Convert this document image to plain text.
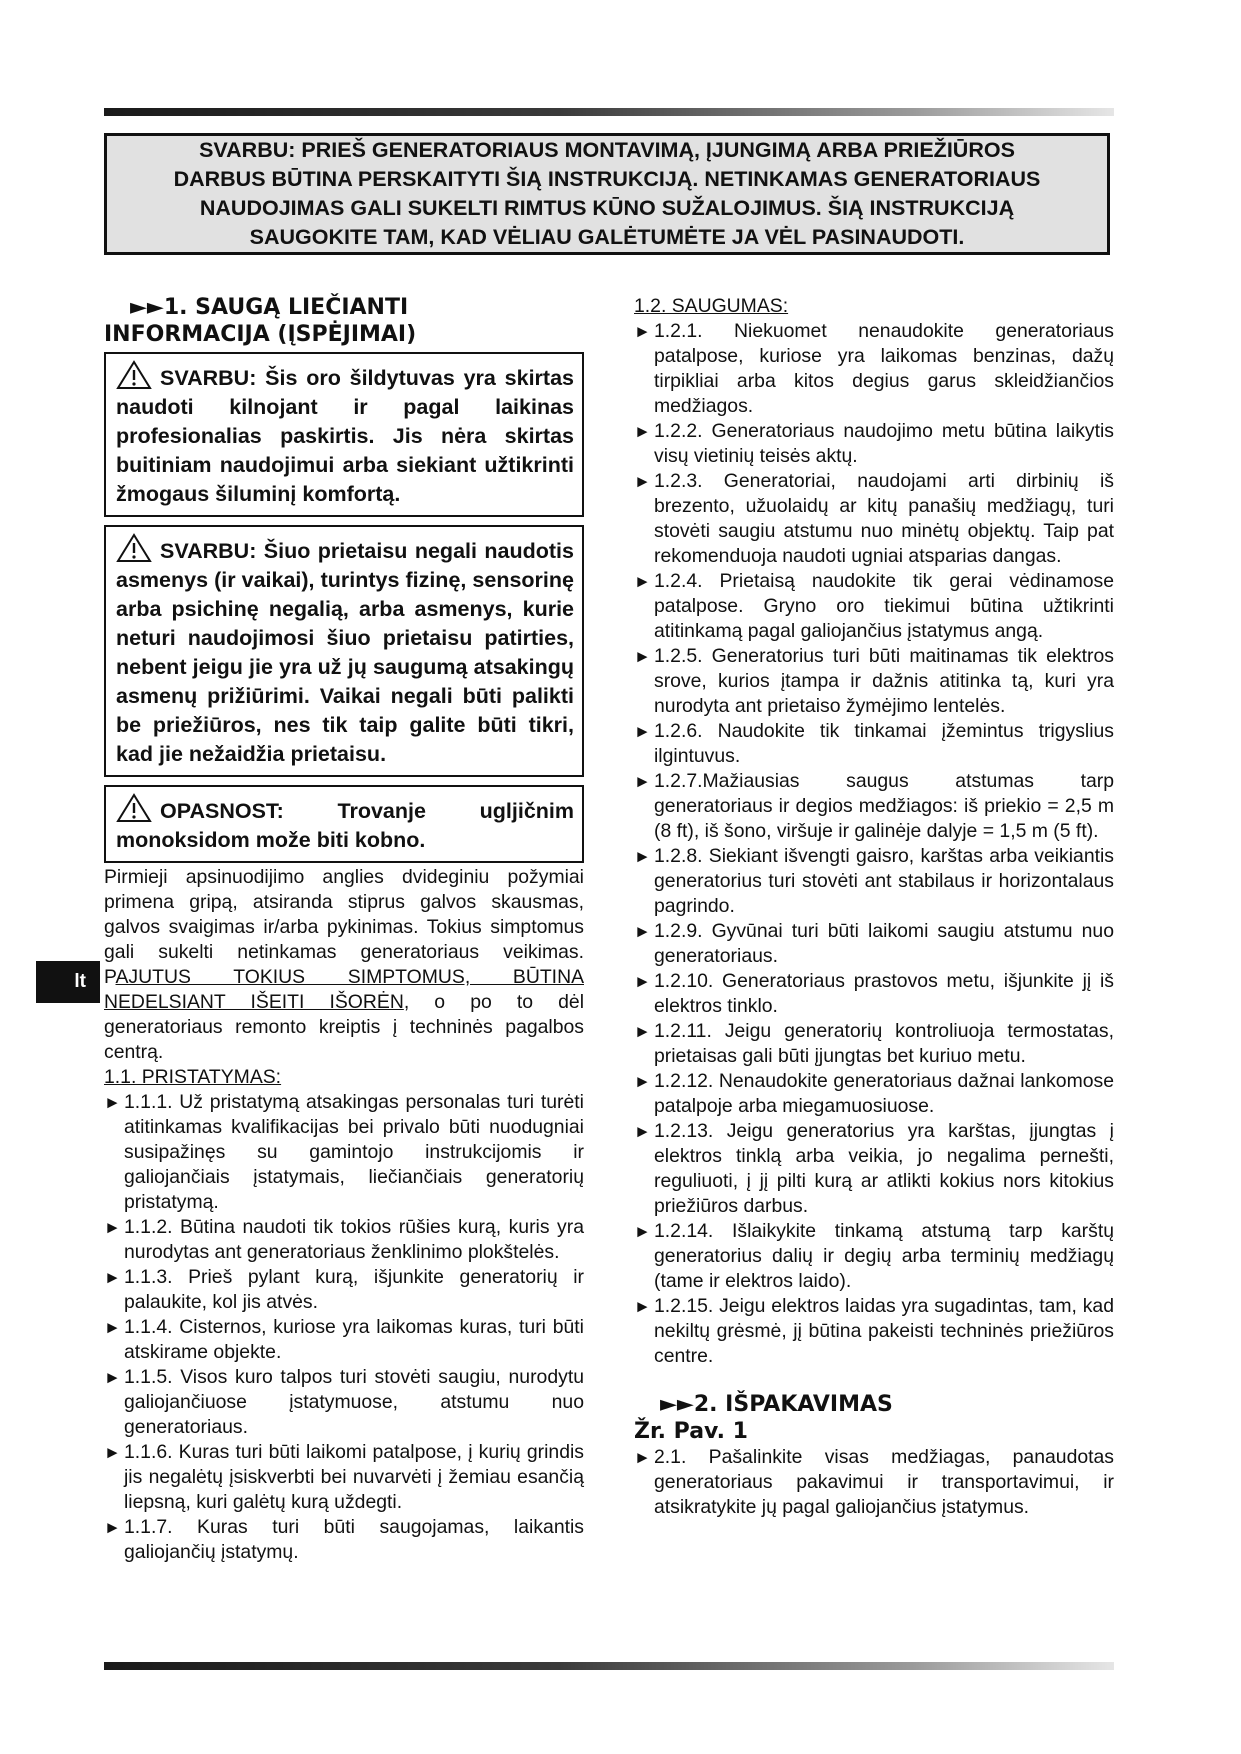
SVARBU: PRIEŠ GENERATORIAUS MONTAVIMĄ, ĮJUNGIMĄ ARBA PRIEŽIŪROS
DARBUS BŪTINA PERSKAITYTI ŠIĄ INSTRUKCIJĄ. NETINKAMAS GENERATORIAUS
NAUDOJIMAS GALI SUKELTI RIMTUS KŪNO SUŽALOJIMUS. ŠIĄ INSTRUKCIJĄ
SAUGOKITE TAM, KAD VĖLIAU GALĖTUMĖTE JA VĖL PASINAUDOTI.
lt
►►1. SAUGĄ LIEČIANTI
INFORMACIJA (ĮSPĖJIMAI)
SVARBU: Šis oro šildytuvas yra skirtas naudoti kilnojant ir pagal laikinas profesionalias paskirtis. Jis nėra skirtas buitiniam naudojimui arba siekiant užtikrinti žmogaus šiluminį komfortą.
SVARBU: Šiuo prietaisu negali naudotis asmenys (ir vaikai), turintys fizinę, sensorinę arba psichinę negalią, arba asmenys, kurie neturi naudojimosi šiuo prietaisu patirties, nebent jeigu jie yra už jų saugumą atsakingų asmenų prižiūrimi. Vaikai negali būti palikti be priežiūros, nes tik taip galite būti tikri, kad jie nežaidžia prietaisu.
OPASNOST: Trovanje ugljičnim monoksidom može biti kobno.

Pirmieji apsinuodijimo anglies dvideginiu požymiai primena gripą, atsiranda stiprus galvos skausmas, galvos svaigimas ir/arba pykinimas. Tokius simptomus gali sukelti netinkamas generatoriaus veikimas. PAJUTUS TOKIUS SIMPTOMUS, BŪTINA NEDELSIANT IŠEITI IŠORĖN, o po to dėl generatoriaus remonto kreiptis į techninės pagalbos centrą.

1.1. PRISTATYMAS:

► 1.1.1. Už pristatymą atsakingas personalas turi turėti atitinkamas kvalifikacijas bei privalo būti nuodugniai susipažinęs su gamintojo instrukcijomis ir galiojančiais įstatymais, liečiančiais generatorių pristatymą.
► 1.1.2. Būtina naudoti tik tokios rūšies kurą, kuris yra nurodytas ant generatoriaus ženklinimo plokštelės.
► 1.1.3. Prieš pylant kurą, išjunkite generatorių ir palaukite, kol jis atvės.
► 1.1.4. Cisternos, kuriose yra laikomas kuras, turi būti atskirame objekte.
► 1.1.5. Visos kuro talpos turi stovėti saugiu, nurodytu galiojančiuose įstatymuose, atstumu nuo generatoriaus.
► 1.1.6. Kuras turi būti laikomi patalpose, į kurių grindis jis negalėtų įsiskverbti bei nuvarvėti į žemiau esančią liepsną, kuri galėtų kurą uždegti.
► 1.1.7. Kuras turi būti saugojamas, laikantis galiojančių įstatymų.

1.2. SAUGUMAS:

► 1.2.1. Niekuomet nenaudokite generatoriaus patalpose, kuriose yra laikomas benzinas, dažų tirpikliai arba kitos degius garus skleidžiančios medžiagos.
► 1.2.2. Generatoriaus naudojimo metu būtina laikytis visų vietinių teisės aktų.
► 1.2.3. Generatoriai, naudojami arti dirbinių iš brezento, užuolaidų ar kitų panašių medžiagų, turi stovėti saugiu atstumu nuo minėtų objektų. Taip pat rekomenduoja naudoti ugniai atsparias dangas.
► 1.2.4. Prietaisą naudokite tik gerai vėdinamose patalpose. Gryno oro tiekimui būtina užtikrinti atitinkamą pagal galiojančius įstatymus angą.
► 1.2.5. Generatorius turi būti maitinamas tik elektros srove, kurios įtampa ir dažnis atitinka tą, kuri yra nurodyta ant prietaiso žymėjimo lentelės.
► 1.2.6. Naudokite tik tinkamai įžemintus trigyslius ilgintuvus.
► 1.2.7.Mažiausias saugus atstumas tarp generatoriaus ir degios medžiagos: iš priekio = 2,5 m (8 ft), iš šono, viršuje ir galinėje dalyje = 1,5 m (5 ft).
► 1.2.8. Siekiant išvengti gaisro, karštas arba veikiantis generatorius turi stovėti ant stabilaus ir horizontalaus pagrindo.
► 1.2.9. Gyvūnai turi būti laikomi saugiu atstumu nuo generatoriaus.
► 1.2.10. Generatoriaus prastovos metu, išjunkite jį iš elektros tinklo.
► 1.2.11. Jeigu generatorių kontroliuoja termostatas, prietaisas gali būti įjungtas bet kuriuo metu.
► 1.2.12. Nenaudokite generatoriaus dažnai lankomose patalpoje arba miegamuosiuose.
► 1.2.13. Jeigu generatorius yra karštas, įjungtas į elektros tinklą arba veikia, jo negalima pernešti, reguliuoti, į jį pilti kurą ar atlikti kokius nors kitokius priežiūros darbus.
► 1.2.14. Išlaikykite tinkamą atstumą tarp karštų generatorius dalių ir degių arba terminių medžiagų (tame ir elektros laido).
► 1.2.15. Jeigu elektros laidas yra sugadintas, tam, kad nekiltų grėsmė, jį būtina pakeisti techninės priežiūros centre.
►►2. IŠPAKAVIMAS
Žr. Pav. 1
► 2.1. Pašalinkite visas medžiagas, panaudotas generatoriaus pakavimui ir transportavimui, ir atsikratykite jų pagal galiojančius įstatymus.
